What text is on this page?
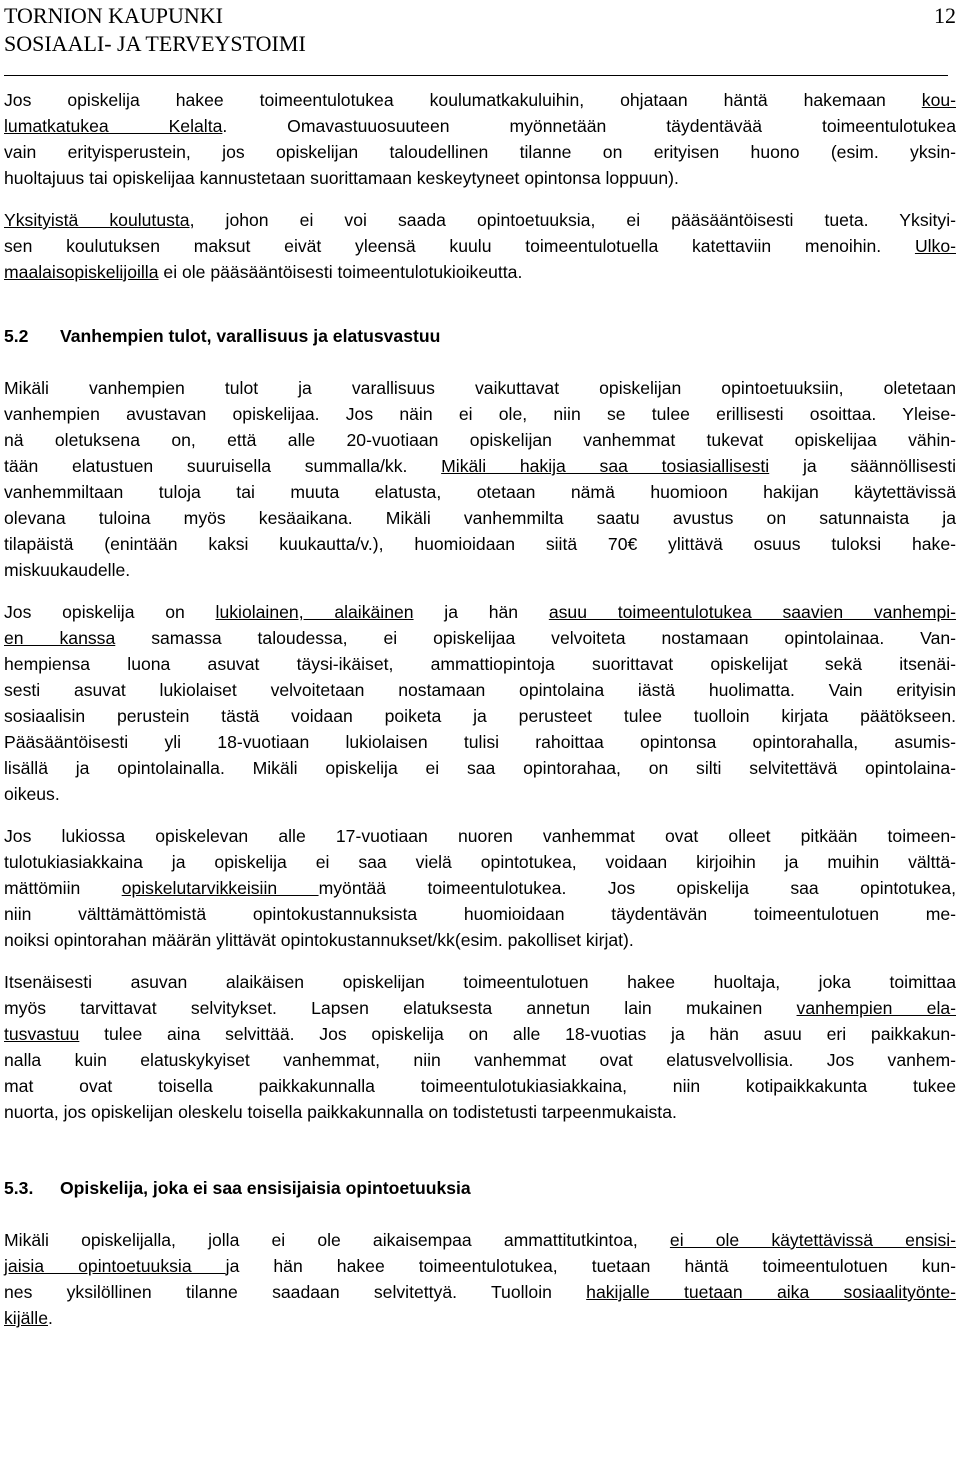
TORNION KAUPUNKI
SOSIAALI- JA TERVEYSTOIMI
12

Jos opiskelija hakee toimeentulotukea koulumatkakuluihin, ohjataan häntä hakemaan kou-
lumatkatukea Kelalta. Omavastuuosuuteen myönnetään täydentävää toimeentulotukea
vain erityisperustein, jos opiskelijan taloudellinen tilanne on erityisen huono (esim. yksin-
huoltajuus tai opiskelijaa kannustetaan suorittamaan keskeytyneet opintonsa loppuun).

Yksityistä koulutusta, johon ei voi saada opintoetuuksia, ei pääsääntöisesti tueta. Yksityi-
sen koulutuksen maksut eivät yleensä kuulu toimeentulotuella katettaviin menoihin. Ulko-
maalaisopiskelijoilla ei ole pääsääntöisesti toimeentulotukioikeutta.

5.2 Vanhempien tulot, varallisuus ja elatusvastuu

Mikäli vanhempien tulot ja varallisuus vaikuttavat opiskelijan opintoetuuksiin, oletetaan
vanhempien avustavan opiskelijaa. Jos näin ei ole, niin se tulee erillisesti osoittaa. Yleise-
nä oletuksena on, että alle 20-vuotiaan opiskelijan vanhemmat tukevat opiskelijaa vähin-
tään elatustuen suuruisella summalla/kk. Mikäli hakija saa tosiasiallisesti ja säännöllisesti
vanhemmiltaan tuloja tai muuta elatusta, otetaan nämä huomioon hakijan käytettävissä
olevana tuloina myös kesäaikana. Mikäli vanhemmilta saatu avustus on satunnaista ja
tilapäistä (enintään kaksi kuukautta/v.), huomioidaan siitä 70€ ylittävä osuus tuloksi hake-
miskuukaudelle.

Jos opiskelija on lukiolainen, alaikäinen ja hän asuu toimeentulotukea saavien vanhempi-
en kanssa samassa taloudessa, ei opiskelijaa velvoiteta nostamaan opintolainaa. Van-
hempiensa luona asuvat täysi-ikäiset, ammattiopintoja suorittavat opiskelijat sekä itsenäi-
sesti asuvat lukiolaiset velvoitetaan nostamaan opintolaina iästä huolimatta. Vain erityisin
sosiaalisin perustein tästä voidaan poiketa ja perusteet tulee tuolloin kirjata päätökseen.
Pääsääntöisesti yli 18-vuotiaan lukiolaisen tulisi rahoittaa opintonsa opintorahalla, asumis-
lisällä ja opintolainalla. Mikäli opiskelija ei saa opintorahaa, on silti selvitettävä opintolaina-
oikeus.

Jos lukiossa opiskelevan alle 17-vuotiaan nuoren vanhemmat ovat olleet pitkään toimeen-
tulotukiasiakkaina ja opiskelija ei saa vielä opintotukea, voidaan kirjoihin ja muihin välttä-
mättömiin opiskelutarvikkeisiin myöntää toimeentulotukea. Jos opiskelija saa opintotukea,
niin välttämättömistä opintokustannuksista huomioidaan täydentävän toimeentulotuen me-
noiksi opintorahan määrän ylittävät opintokustannukset/kk(esim. pakolliset kirjat).

Itsenäisesti asuvan alaikäisen opiskelijan toimeentulotuen hakee huoltaja, joka toimittaa
myös tarvittavat selvitykset. Lapsen elatuksesta annetun lain mukainen vanhempien ela-
tusvastuu tulee aina selvittää. Jos opiskelija on alle 18-vuotias ja hän asuu eri paikkakun-
nalla kuin elatuskykyiset vanhemmat, niin vanhemmat ovat elatusvelvollisia. Jos vanhem-
mat ovat toisella paikkakunnalla toimeentulotukiasiakkaina, niin kotipaikkakunta tukee
nuorta, jos opiskelijan oleskelu toisella paikkakunnalla on todistetusti tarpeenmukaista.

5.3. Opiskelija, joka ei saa ensisijaisia opintoetuuksia

Mikäli opiskelijalla, jolla ei ole aikaisempaa ammattitutkintoa, ei ole käytettävissä ensisi-
jaisia opintoetuuksia ja hän hakee toimeentulotukea, tuetaan häntä toimeentulotuen kun-
nes yksilöllinen tilanne saadaan selvitettyä. Tuolloin hakijalle tuetaan aika sosiaalityönte-
kijälle.
